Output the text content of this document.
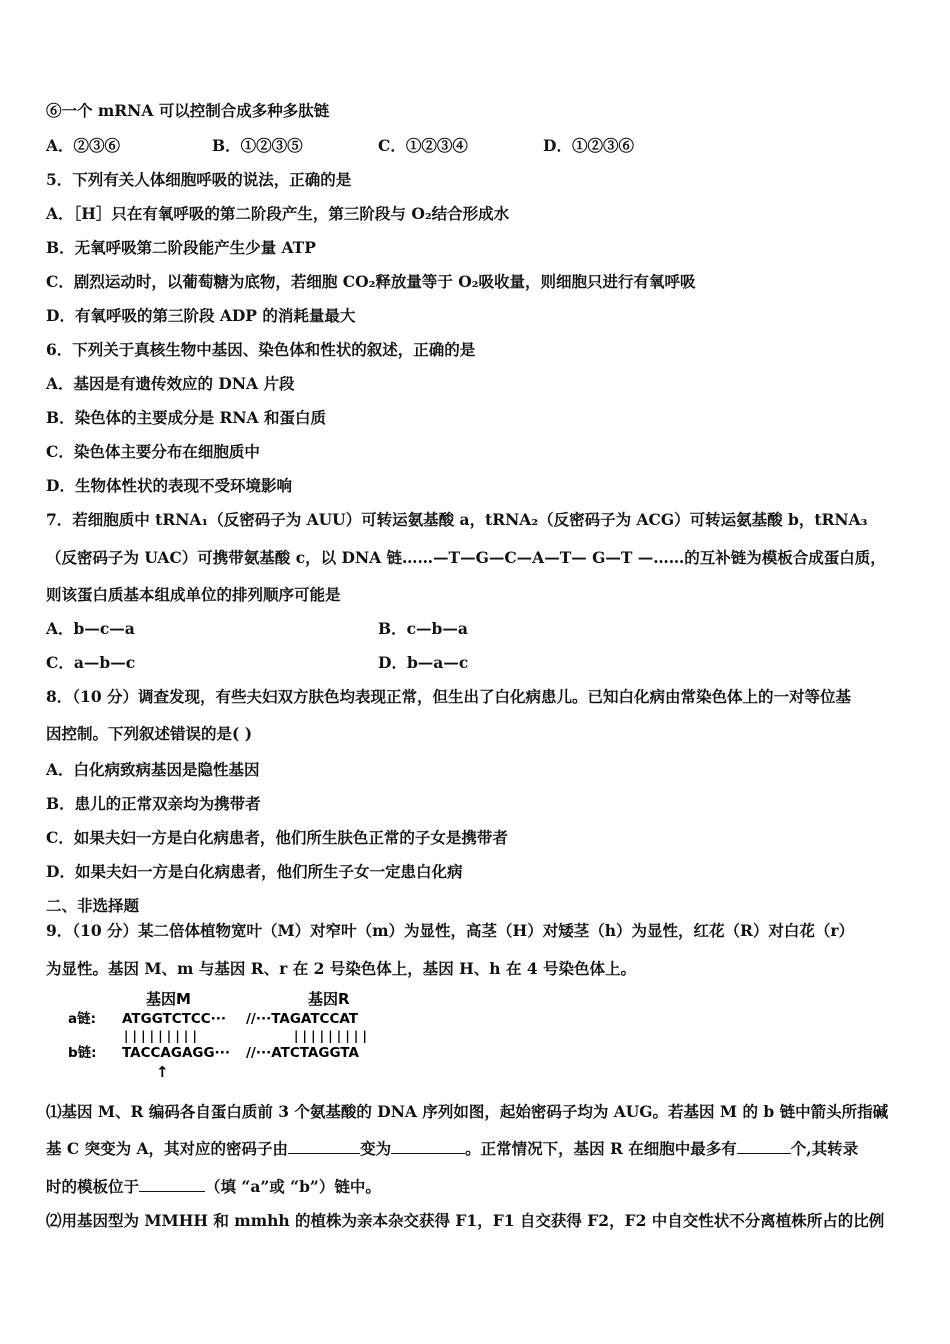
⑥一个 mRNA 可以控制合成多种多肽链
A．②③⑥	B．①②③⑤	C．①②③④	D．①②③⑥
5．下列有关人体细胞呼吸的说法，正确的是
A．［H］只在有氧呼吸的第二阶段产生，第三阶段与 O₂结合形成水
B．无氧呼吸第二阶段能产生少量 ATP
C．剧烈运动时，以葡萄糖为底物，若细胞 CO₂释放量等于 O₂吸收量，则细胞只进行有氧呼吸
D．有氧呼吸的第三阶段 ADP 的消耗量最大
6．下列关于真核生物中基因、染色体和性状的叙述，正确的是
A．基因是有遗传效应的 DNA 片段
B．染色体的主要成分是 RNA 和蛋白质
C．染色体主要分布在细胞质中
D．生物体性状的表现不受环境影响
7．若细胞质中 tRNA₁（反密码子为 AUU）可转运氨基酸 a，tRNA₂（反密码子为 ACG）可转运氨基酸 b，tRNA₃
（反密码子为 UAC）可携带氨基酸 c，以 DNA 链……—T—G—C—A—T— G—T —……的互补链为模板合成蛋白质，
则该蛋白质基本组成单位的排列顺序可能是
A．b—c—a	B．c—b—a
C．a—b—c	D．b—a—c
8．（10 分）调查发现，有些夫妇双方肤色均表现正常，但生出了白化病患儿。已知白化病由常染色体上的一对等位基
因控制。下列叙述错误的是( )
A．白化病致病基因是隐性基因
B．患儿的正常双亲均为携带者
C．如果夫妇一方是白化病患者，他们所生肤色正常的子女是携带者
D．如果夫妇一方是白化病患者，他们所生子女一定患白化病
二、非选择题
9．（10 分）某二倍体植物宽叶（M）对窄叶（m）为显性，高茎（H）对矮茎（h）为显性，红花（R）对白花（r）
为显性。基因 M、m 与基因 R、r 在 2 号染色体上，基因 H、h 在 4 号染色体上。
基因M	基因R
a链: ATGGTCTCC··· //···TAGATCCAT
| | | | | | | | |	| | | | | | | | |
b链: TACCAGAGG··· //···ATCTAGGTA
↑
⑴基因 M、R 编码各自蛋白质前 3 个氨基酸的 DNA 序列如图，起始密码子均为 AUG。若基因 M 的 b 链中箭头所指碱
基 C 突变为 A，其对应的密码子由	变为	。正常情况下，基因 R 在细胞中最多有	个,其转录
时的模板位于	（填 “a”或 “b”）链中。
⑵用基因型为 MMHH 和 mmhh 的植株为亲本杂交获得 F1，F1 自交获得 F2，F2 中自交性状不分离植株所占的比例
